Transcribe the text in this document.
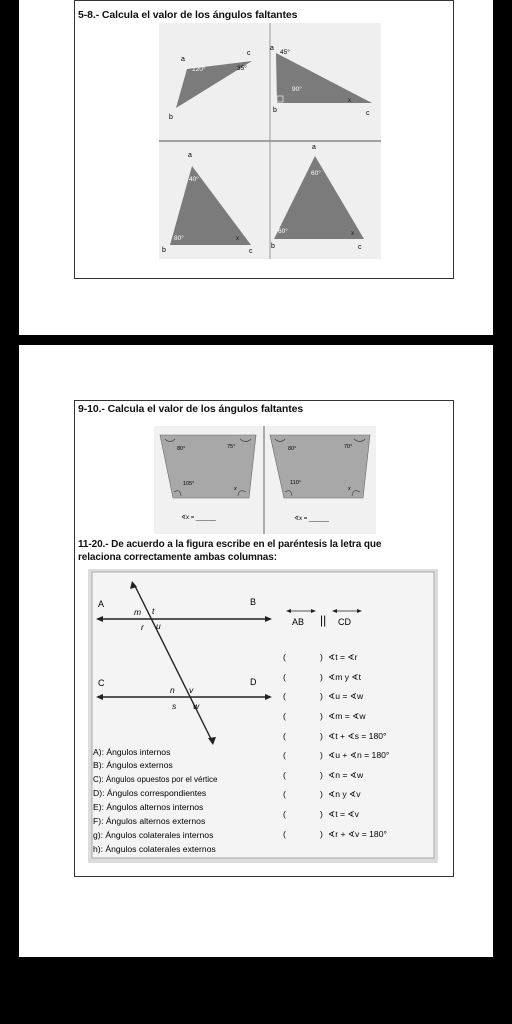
5-8.- Calcula el valor de los ángulos faltantes
a
b
c
120°	35°
a
b	c
45°
90°
x
a
b	c
40°
80°	x
a
b	c
60°
60°	x
9-10.- Calcula el valor de los ángulos faltantes
80°	75°
105°
x
∢x = ______
80°	70°
110°
x
∢x = ______
11-20.- De acuerdo a la figura escribe en el paréntesis la letra que
relaciona correctamente ambas columnas:
A	B
C	D
m t
r u
n v
s w
AB || CD
A): Ángulos internos
B): Ángulos externos
C): Ángulos opuestos por el vértice
D): Ángulos correspondientes
E): Ángulos alternos internos
F): Ángulos alternos externos
g): Ángulos colaterales internos
h): Ángulos colaterales externos
(	) ∢t = ∢r
(	) ∢m y ∢t
(	) ∢u = ∢w
(	) ∢m = ∢w
(	) ∢t + ∢s = 180°
(	) ∢u + ∢n = 180°
(	) ∢n = ∢w
(	) ∢n y ∢v
(	) ∢t = ∢v
(	) ∢r + ∢v = 180°
